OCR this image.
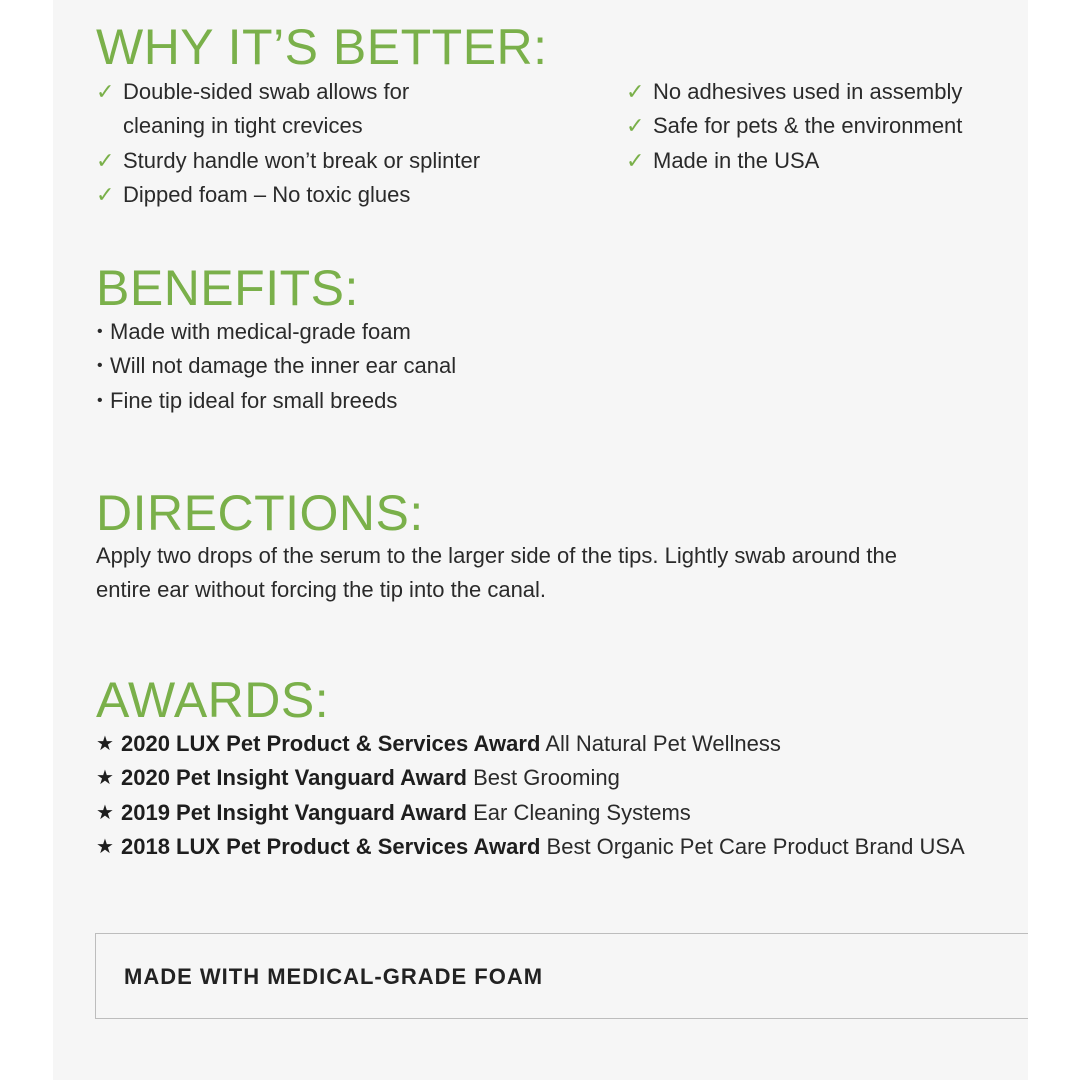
WHY IT’S BETTER:
✓ Double-sided swab allows for cleaning in tight crevices
✓ Sturdy handle won’t break or splinter
✓ Dipped foam – No toxic glues
✓ No adhesives used in assembly
✓ Safe for pets & the environment
✓ Made in the USA
BENEFITS:
• Made with medical-grade foam
• Will not damage the inner ear canal
• Fine tip ideal for small breeds
DIRECTIONS:

Apply two drops of the serum to the larger side of the tips. Lightly swab around the entire ear without forcing the tip into the canal.

AWARDS:
★ 2020 LUX Pet Product & Services Award All Natural Pet Wellness
★ 2020 Pet Insight Vanguard Award Best Grooming
★ 2019 Pet Insight Vanguard Award Ear Cleaning Systems
★ 2018 LUX Pet Product & Services Award Best Organic Pet Care Product Brand USA
MADE WITH MEDICAL-GRADE FOAM
